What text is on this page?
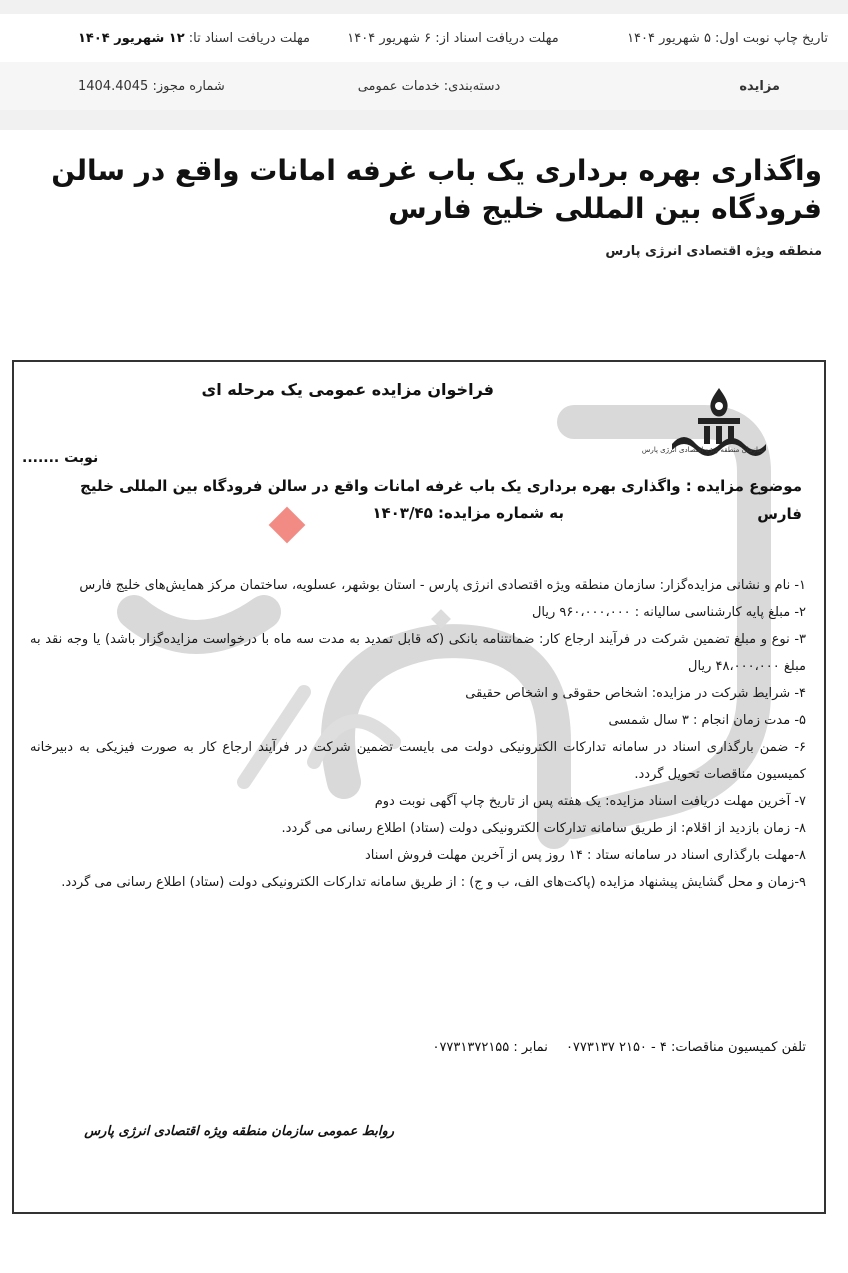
تاریخ چاپ نوبت اول: ۵ شهریور ۱۴۰۴
مهلت دریافت اسناد از: ۶ شهریور ۱۴۰۴
مهلت دریافت اسناد تا: ۱۲ شهریور ۱۴۰۴
مزایده
دسته‌بندی: خدمات عمومی
شماره مجوز: 1404.4045
واگذاری بهره برداری یک باب غرفه امانات واقع در سالن فرودگاه بین المللی خلیج فارس
منطقه ویژه اقتصادی انرژی پارس
فراخوان مزایده عمومی یک مرحله ای
سازمان منطقه ویژه اقتصادی انرژی پارس
نوبت .......
موضوع مزایده : واگذاری بهره برداری یک باب غرفه امانات واقع در سالن فرودگاه بین المللی خلیج فارس
به شماره مزایده: ۱۴۰۳/۴۵
۱- نام و نشانی مزایده‌گزار: سازمان منطقه ویژه اقتصادی انرژی پارس - استان بوشهر، عسلویه، ساختمان مرکز همایش‌های خلیج فارس
۲- مبلغ پایه کارشناسی سالیانه : ۹۶۰،۰۰۰،۰۰۰ ریال
۳- نوع و مبلغ تضمین شرکت در فرآیند ارجاع کار: ضمانتنامه بانکی (که قابل تمدید به مدت سه ماه با درخواست مزایده‌گزار باشد) یا وجه نقد به مبلغ ۴۸،۰۰۰،۰۰۰ ریال
۴- شرایط شرکت در مزایده: اشخاص حقوقی و اشخاص حقیقی
۵- مدت زمان انجام : ۳ سال شمسی
۶- ضمن بارگذاری اسناد در سامانه تدارکات الکترونیکی دولت می بایست تضمین شرکت در فرآیند ارجاع کار به صورت فیزیکی به دبیرخانه کمیسیون مناقصات تحویل گردد.
۷- آخرین مهلت دریافت اسناد مزایده: یک هفته پس از تاریخ چاپ آگهی نوبت دوم
۸- زمان بازدید از اقلام: از طریق سامانه تدارکات الکترونیکی دولت (ستاد) اطلاع رسانی می گردد.
۸-مهلت بارگذاری اسناد در سامانه ستاد : ۱۴ روز پس از آخرین مهلت فروش اسناد
۹-زمان و محل گشایش پیشنهاد مزایده (پاکت‌های الف، ب و ج) : از طریق سامانه تدارکات الکترونیکی دولت (ستاد) اطلاع رسانی می گردد.
تلفن کمیسیون مناقصات: ۴ - ۲۱۵۰ ۰۷۷۳۱۳۷ نمابر : ۰۷۷۳۱۳۷۲۱۵۵
روابط عمومی سازمان منطقه ویژه اقتصادی انرژی پارس
